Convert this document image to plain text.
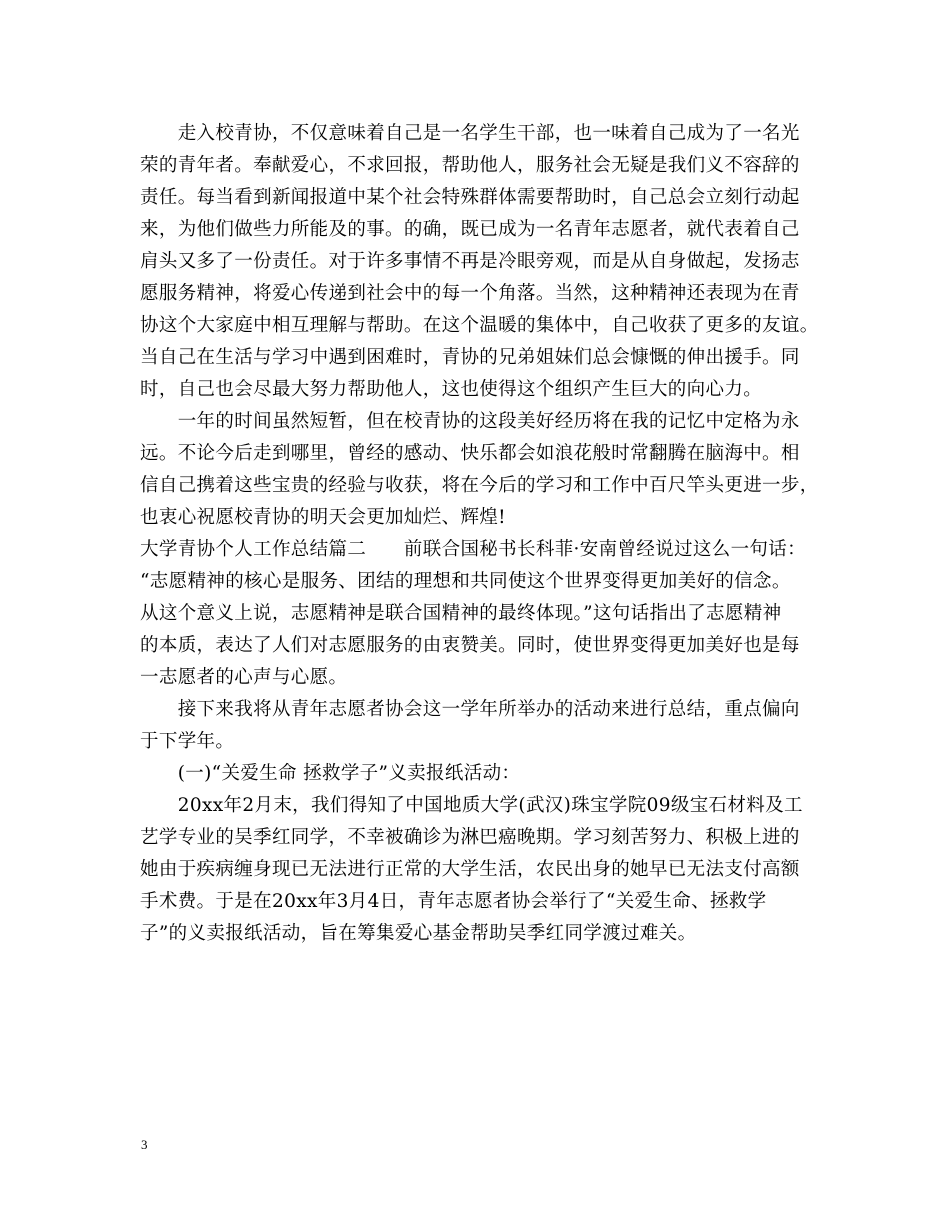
　　走入校青协，不仅意味着自己是一名学生干部，也一味着自己成为了一名光
荣的青年者。奉献爱心，不求回报，帮助他人，服务社会无疑是我们义不容辞的
责任。每当看到新闻报道中某个社会特殊群体需要帮助时，自己总会立刻行动起
来，为他们做些力所能及的事。的确，既已成为一名青年志愿者，就代表着自己
肩头又多了一份责任。对于许多事情不再是冷眼旁观，而是从自身做起，发扬志
愿服务精神，将爱心传递到社会中的每一个角落。当然，这种精神还表现为在青
协这个大家庭中相互理解与帮助。在这个温暖的集体中，自己收获了更多的友谊。
当自己在生活与学习中遇到困难时，青协的兄弟姐妹们总会慷慨的伸出援手。同
时，自己也会尽最大努力帮助他人，这也使得这个组织产生巨大的向心力。
　　一年的时间虽然短暂，但在校青协的这段美好经历将在我的记忆中定格为永
远。不论今后走到哪里，曾经的感动、快乐都会如浪花般时常翻腾在脑海中。相
信自己携着这些宝贵的经验与收获，将在今后的学习和工作中百尺竿头更进一步，
也衷心祝愿校青协的明天会更加灿烂、辉煌!
大学青协个人工作总结篇二　　前联合国秘书长科菲·安南曾经说过这么一句话：
“志愿精神的核心是服务、团结的理想和共同使这个世界变得更加美好的信念。
从这个意义上说，志愿精神是联合国精神的最终体现。”这句话指出了志愿精神
的本质，表达了人们对志愿服务的由衷赞美。同时，使世界变得更加美好也是每
一志愿者的心声与心愿。
　　接下来我将从青年志愿者协会这一学年所举办的活动来进行总结，重点偏向
于下学年。
　　(一)“关爱生命 拯救学子”义卖报纸活动：
　　20xx年2月末，我们得知了中国地质大学(武汉)珠宝学院09级宝石材料及工
艺学专业的吴季红同学，不幸被确诊为淋巴癌晚期。学习刻苦努力、积极上进的
她由于疾病缠身现已无法进行正常的大学生活，农民出身的她早已无法支付高额
手术费。于是在20xx年3月4日，青年志愿者协会举行了“关爱生命、拯救学
子”的义卖报纸活动，旨在筹集爱心基金帮助吴季红同学渡过难关。
3
